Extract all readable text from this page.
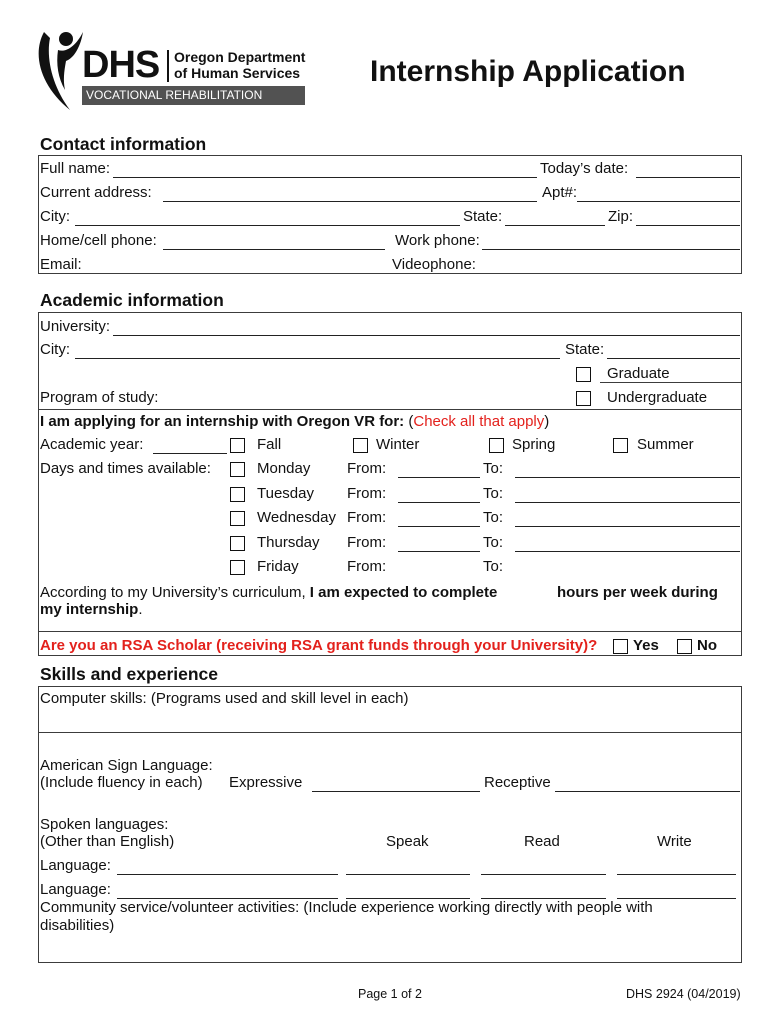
DHS Oregon Department
of Human Services
VOCATIONAL REHABILITATION
Internship Application
Contact information
Full name:	Today’s date:
Current address:	Apt#:
City:	State:	Zip:
Home/cell phone:	Work phone:
Email:	Videophone:
Academic information
University:
City:	State:
Graduate
Program of study:	Undergraduate
I am applying for an internship with Oregon VR for: (Check all that apply)
Academic year:	Fall	Winter	Spring	Summer
Days and times available:	Monday From:	To:
Tuesday From:	To:
Wednesday From:	To:
Thursday From:	To:
Friday	From:	To:
According to my University’s curriculum, I am expected to complete	hours per week during
my internship.
Are you an RSA Scholar (receiving RSA grant funds through your University)? Yes	No
Skills and experience
Computer skills: (Programs used and skill level in each)
American Sign Language:
(Include fluency in each) Expressive	Receptive
Spoken languages:
(Other than English)	Speak	Read	Write
Language:
Language:
Community service/volunteer activities: (Include experience working directly with people with
disabilities)
Page 1 of 2	DHS 2924 (04/2019)
